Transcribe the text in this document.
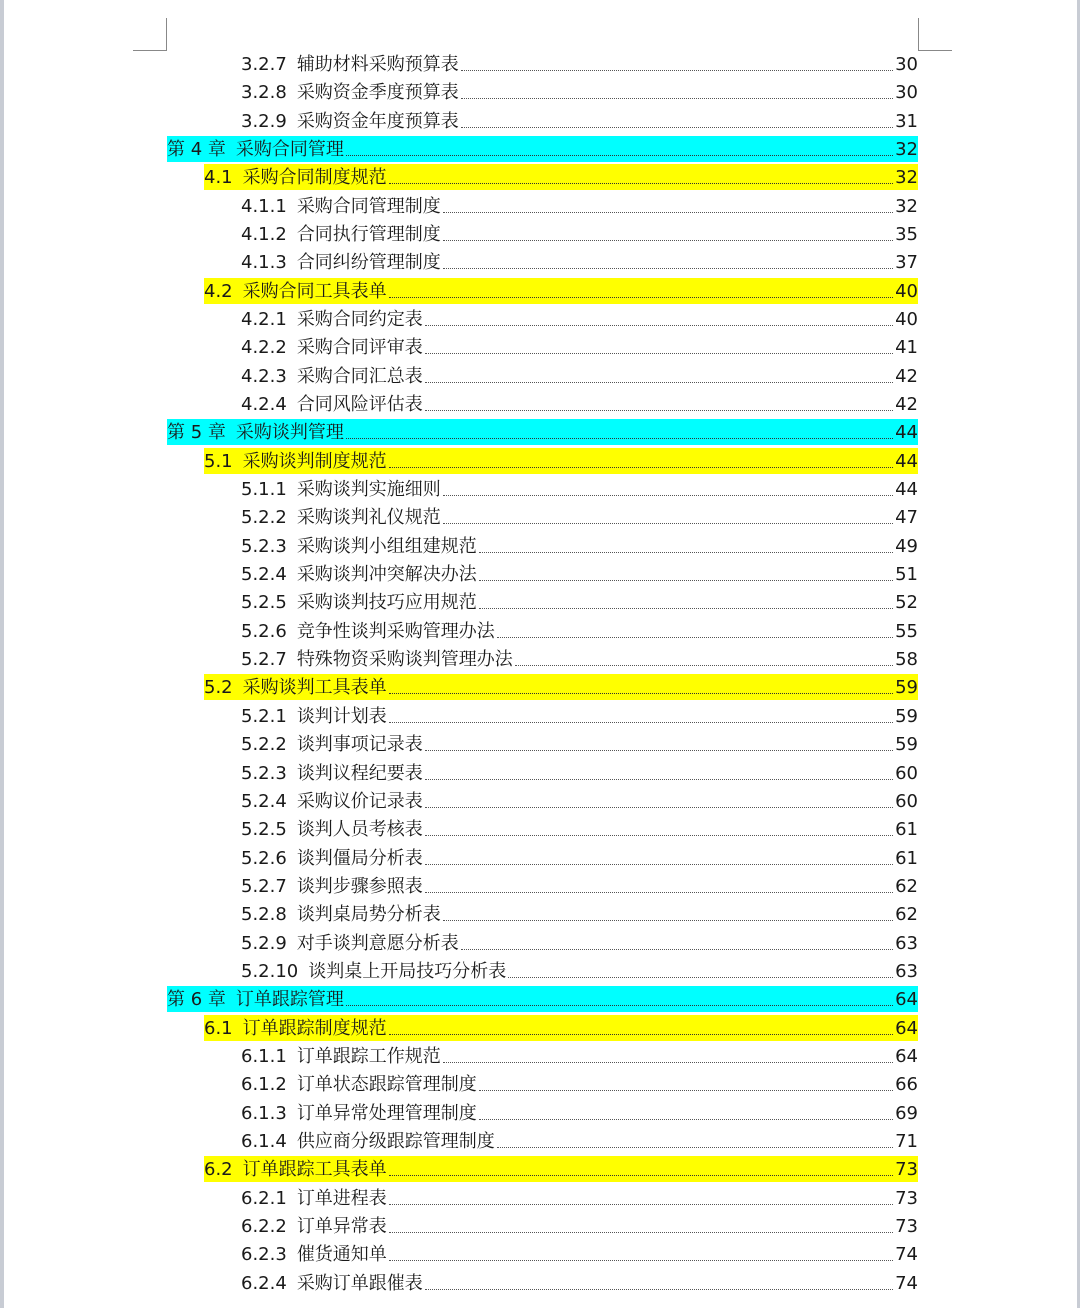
3.2.7 辅助材料采购预算表	30
3.2.8 采购资金季度预算表	30
3.2.9 采购资金年度预算表	31
第 4 章 采购合同管理	32
4.1 采购合同制度规范	32
4.1.1 采购合同管理制度	32
4.1.2 合同执行管理制度	35
4.1.3 合同纠纷管理制度	37
4.2 采购合同工具表单	40
4.2.1 采购合同约定表	40
4.2.2 采购合同评审表	41
4.2.3 采购合同汇总表	42
4.2.4 合同风险评估表	42
第 5 章 采购谈判管理	44
5.1 采购谈判制度规范	44
5.1.1 采购谈判实施细则	44
5.2.2 采购谈判礼仪规范	47
5.2.3 采购谈判小组组建规范	49
5.2.4 采购谈判冲突解决办法	51
5.2.5 采购谈判技巧应用规范	52
5.2.6 竞争性谈判采购管理办法	55
5.2.7 特殊物资采购谈判管理办法	58
5.2 采购谈判工具表单	59
5.2.1 谈判计划表	59
5.2.2 谈判事项记录表	59
5.2.3 谈判议程纪要表	60
5.2.4 采购议价记录表	60
5.2.5 谈判人员考核表	61
5.2.6 谈判僵局分析表	61
5.2.7 谈判步骤参照表	62
5.2.8 谈判桌局势分析表	62
5.2.9 对手谈判意愿分析表	63
5.2.10 谈判桌上开局技巧分析表	63
第 6 章 订单跟踪管理	64
6.1 订单跟踪制度规范	64
6.1.1 订单跟踪工作规范	64
6.1.2 订单状态跟踪管理制度	66
6.1.3 订单异常处理管理制度	69
6.1.4 供应商分级跟踪管理制度	71
6.2 订单跟踪工具表单	73
6.2.1 订单进程表	73
6.2.2 订单异常表	73
6.2.3 催货通知单	74
6.2.4 采购订单跟催表	74
